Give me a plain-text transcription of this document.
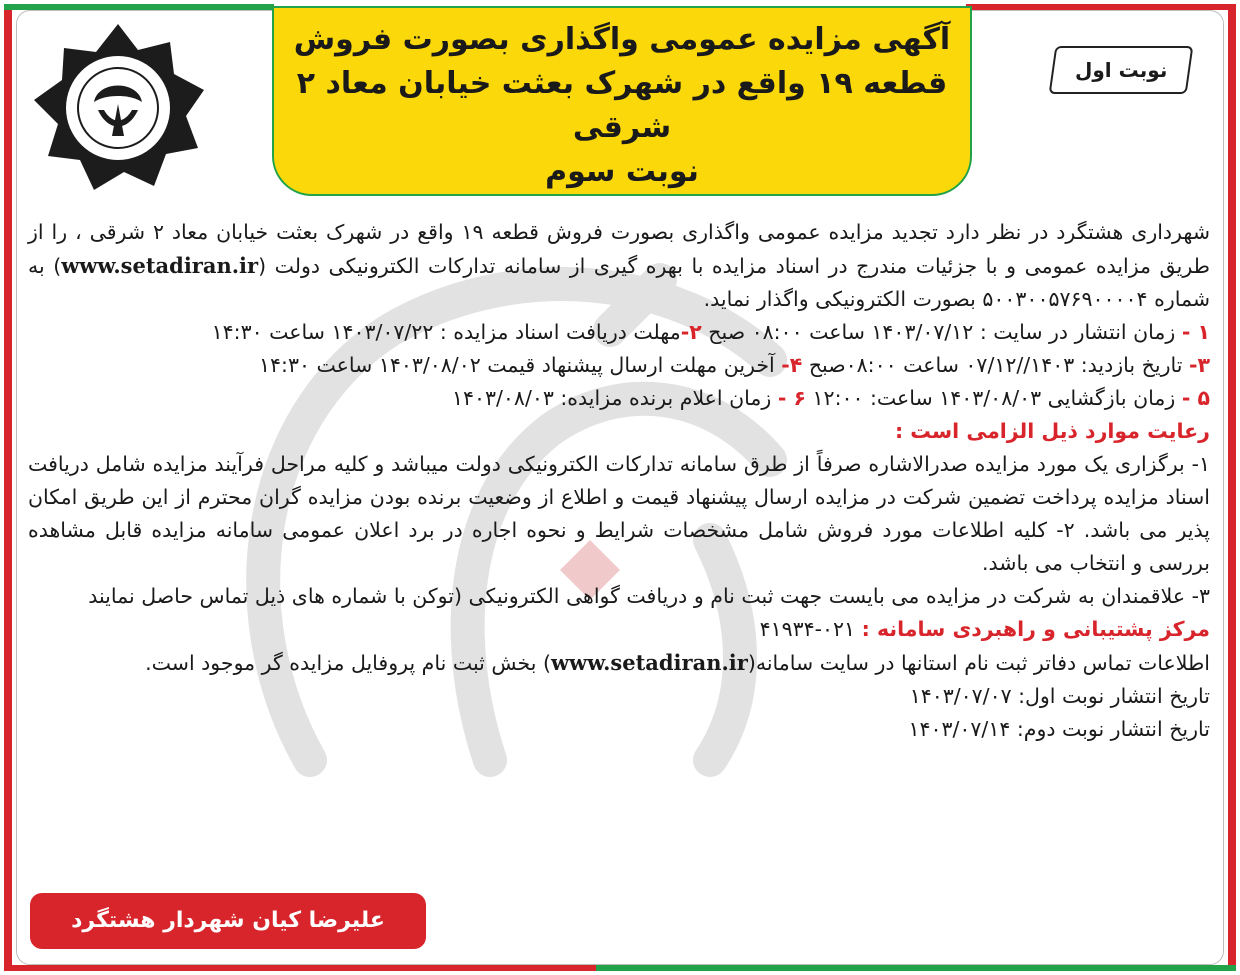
آگهی مزایده عمومی واگذاری بصورت فروش
قطعه ۱۹ واقع در شهرک بعثت خیابان معاد ۲ شرقی
نوبت سوم
نوبت اول

شهرداری هشتگرد در نظر دارد تجدید مزایده عمومی واگذاری بصورت فروش قطعه ۱۹ واقع در شهرک بعثت خیابان معاد ۲ شرقی ، را از طریق مزایده عمومی و با جزئیات مندرج در اسناد مزایده با بهره گیری از سامانه تدارکات الکترونیکی دولت (www.setadiran.ir) به شماره ۵۰۰۳۰۰۵۷۶۹۰۰۰۰۴ بصورت الکترونیکی واگذار نماید.

۱ - زمان انتشار در سایت : ۱۴۰۳/۰۷/۱۲ ساعت ۰۸:۰۰ صبح ۲-مهلت دریافت اسناد مزایده : ۱۴۰۳/۰۷/۲۲ ساعت ۱۴:۳۰

۳- تاریخ بازدید: ۱۴۰۳//۰۷/۱۲ ساعت ۰۸:۰۰صبح ۴- آخرین مهلت ارسال پیشنهاد قیمت ۱۴۰۳/۰۸/۰۲ ساعت ۱۴:۳۰

۵ - زمان بازگشایی ۱۴۰۳/۰۸/۰۳ ساعت: ۱۲:۰۰ ۶ - زمان اعلام برنده مزایده: ۱۴۰۳/۰۸/۰۳

رعایت موارد ذیل الزامی است :

۱- برگزاری یک مورد مزایده صدرالاشاره صرفاً از طرق سامانه تدارکات الکترونیکی دولت میباشد و کلیه مراحل فرآیند مزایده شامل دریافت اسناد مزایده پرداخت تضمین شرکت در مزایده ارسال پیشنهاد قیمت و اطلاع از وضعیت برنده بودن مزایده گران محترم از این طریق امکان پذیر می باشد. ۲- کلیه اطلاعات مورد فروش شامل مشخصات شرایط و نحوه اجاره در برد اعلان عمومی سامانه مزایده قابل مشاهده بررسی و انتخاب می باشد.

۳- علاقمندان به شرکت در مزایده می بایست جهت ثبت نام و دریافت گواهی الکترونیکی (توکن با شماره های ذیل تماس حاصل نمایند

مرکز پشتیبانی و راهبردی سامانه : ۰۲۱-۴۱۹۳۴

اطلاعات تماس دفاتر ثبت نام استانها در سایت سامانه(www.setadiran.ir) بخش ثبت نام پروفایل مزایده گر موجود است.

تاریخ انتشار نوبت اول: ۱۴۰۳/۰۷/۰۷

تاریخ انتشار نوبت دوم: ۱۴۰۳/۰۷/۱۴

علیرضا کیان شهردار هشتگرد
